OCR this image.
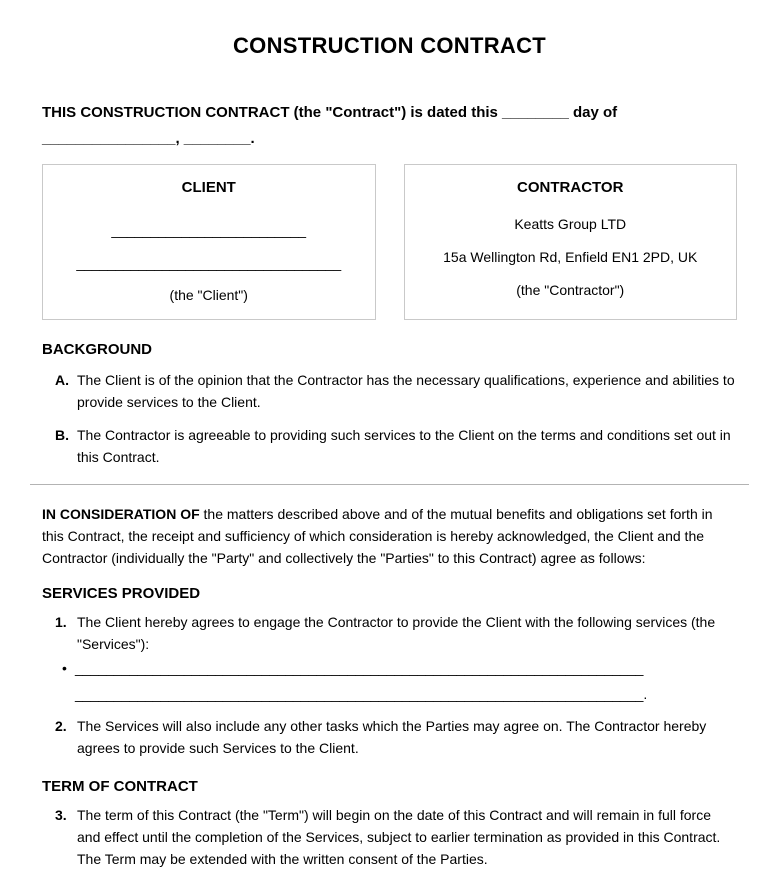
CONSTRUCTION CONTRACT

THIS CONSTRUCTION CONTRACT (the "Contract") is dated this ________ day of ________________, ________.

CLIENT
_________________________
__________________________________
(the "Client")
CONTRACTOR
Keatts Group LTD
15a Wellington Rd, Enfield EN1 2PD, UK
(the "Contractor")
BACKGROUND
A. The Client is of the opinion that the Contractor has the necessary qualifications, experience and abilities to provide services to the Client.
B. The Contractor is agreeable to providing such services to the Client on the terms and conditions set out in this Contract.

IN CONSIDERATION OF the matters described above and of the mutual benefits and obligations set forth in this Contract, the receipt and sufficiency of which consideration is hereby acknowledged, the Client and the Contractor (individually the "Party" and collectively the "Parties" to this Contract) agree as follows:

SERVICES PROVIDED
1. The Client hereby agrees to engage the Contractor to provide the Client with the following services (the "Services"):
• _________________________________________________________________________
_________________________________________________________________________.
2. The Services will also include any other tasks which the Parties may agree on. The Contractor hereby agrees to provide such Services to the Client.
TERM OF CONTRACT
3. The term of this Contract (the "Term") will begin on the date of this Contract and will remain in full force and effect until the completion of the Services, subject to earlier termination as provided in this Contract. The Term may be extended with the written consent of the Parties.
